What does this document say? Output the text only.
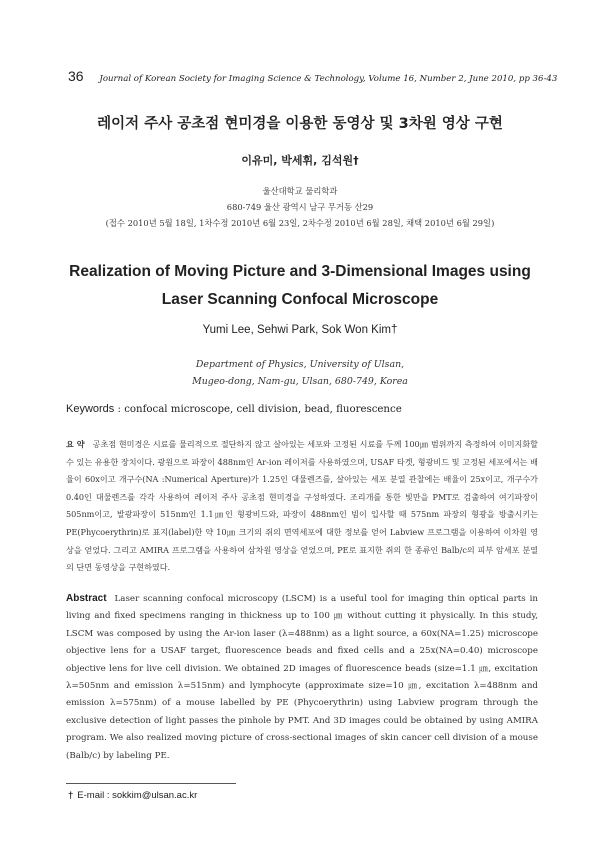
36 Journal of Korean Society for Imaging Science & Technology, Volume 16, Number 2, June 2010, pp 36-43
레이저 주사 공초점 현미경을 이용한 동영상 및 3차원 영상 구현
이유미, 박세휘, 김석원†
울산대학교 물리학과
680-749 울산 광역시 남구 무거동 산29
(접수 2010년 5월 18일, 1차수정 2010년 6월 23일, 2차수정 2010년 6월 28일, 채택 2010년 6월 29일)
Realization of Moving Picture and 3-Dimensional Images using
Laser Scanning Confocal Microscope
Yumi Lee, Sehwi Park, Sok Won Kim†
Department of Physics, University of Ulsan,
Mugeo-dong, Nam-gu, Ulsan, 680-749, Korea
Keywords : confocal microscope, cell division, bead, fluorescence
요 약 공초점 현미경은 시료를 물리적으로 절단하지 않고 살아있는 세포와 고정된 시료를 두께 100㎛ 범위까지 측정하여 이미지화할 수 있는 유용한 장치이다. 광원으로 파장이 488nm인 Ar-ion 레이저를 사용하였으며, USAF 타겟, 형광비드 및 고정된 세포에서는 배율이 60x이고 개구수(NA :Numerical Aperture)가 1.25인 대물렌즈를, 살아있는 세포 분열 관찰에는 배율이 25x이고, 개구수가 0.40인 대물렌즈를 각각 사용하여 레이저 주사 공초점 현미경을 구성하였다. 조리개를 통한 빛만을 PMT로 검출하여 여기파장이 505nm이고, 발광파장이 515nm인 1.1㎛인 형광비드와, 파장이 488nm인 빔이 입사할 때 575nm 파장의 형광을 방출시키는 PE(Phycoerythrin)로 표지(label)한 약 10㎛ 크기의 쥐의 면역세포에 대한 정보를 얻어 Labview 프로그램을 이용하여 이차원 영상을 얻었다. 그리고 AMIRA 프로그램을 사용하여 삼차원 영상을 얻었으며, PE로 표지한 쥐의 한 종류인 Balb/c의 피부 암세포 분열의 단면 동영상을 구현하였다.
Abstract Laser scanning confocal microscopy (LSCM) is a useful tool for imaging thin optical parts in living and fixed specimens ranging in thickness up to 100 ㎛ without cutting it physically. In this study, LSCM was composed by using the Ar-ion laser (λ=488nm) as a light source, a 60x(NA=1.25) microscope objective lens for a USAF target, fluorescence beads and fixed cells and a 25x(NA=0.40) microscope objective lens for live cell division. We obtained 2D images of fluorescence beads (size=1.1 ㎛, excitation λ=505nm and emission λ=515nm) and lymphocyte (approximate size=10 ㎛, excitation λ=488nm and emission λ=575nm) of a mouse labelled by PE (Phycoerythrin) using Labview program through the exclusive detection of light passes the pinhole by PMT. And 3D images could be obtained by using AMIRA program. We also realized moving picture of cross-sectional images of skin cancer cell division of a mouse (Balb/c) by labeling PE.
† E-mail : sokkim@ulsan.ac.kr
